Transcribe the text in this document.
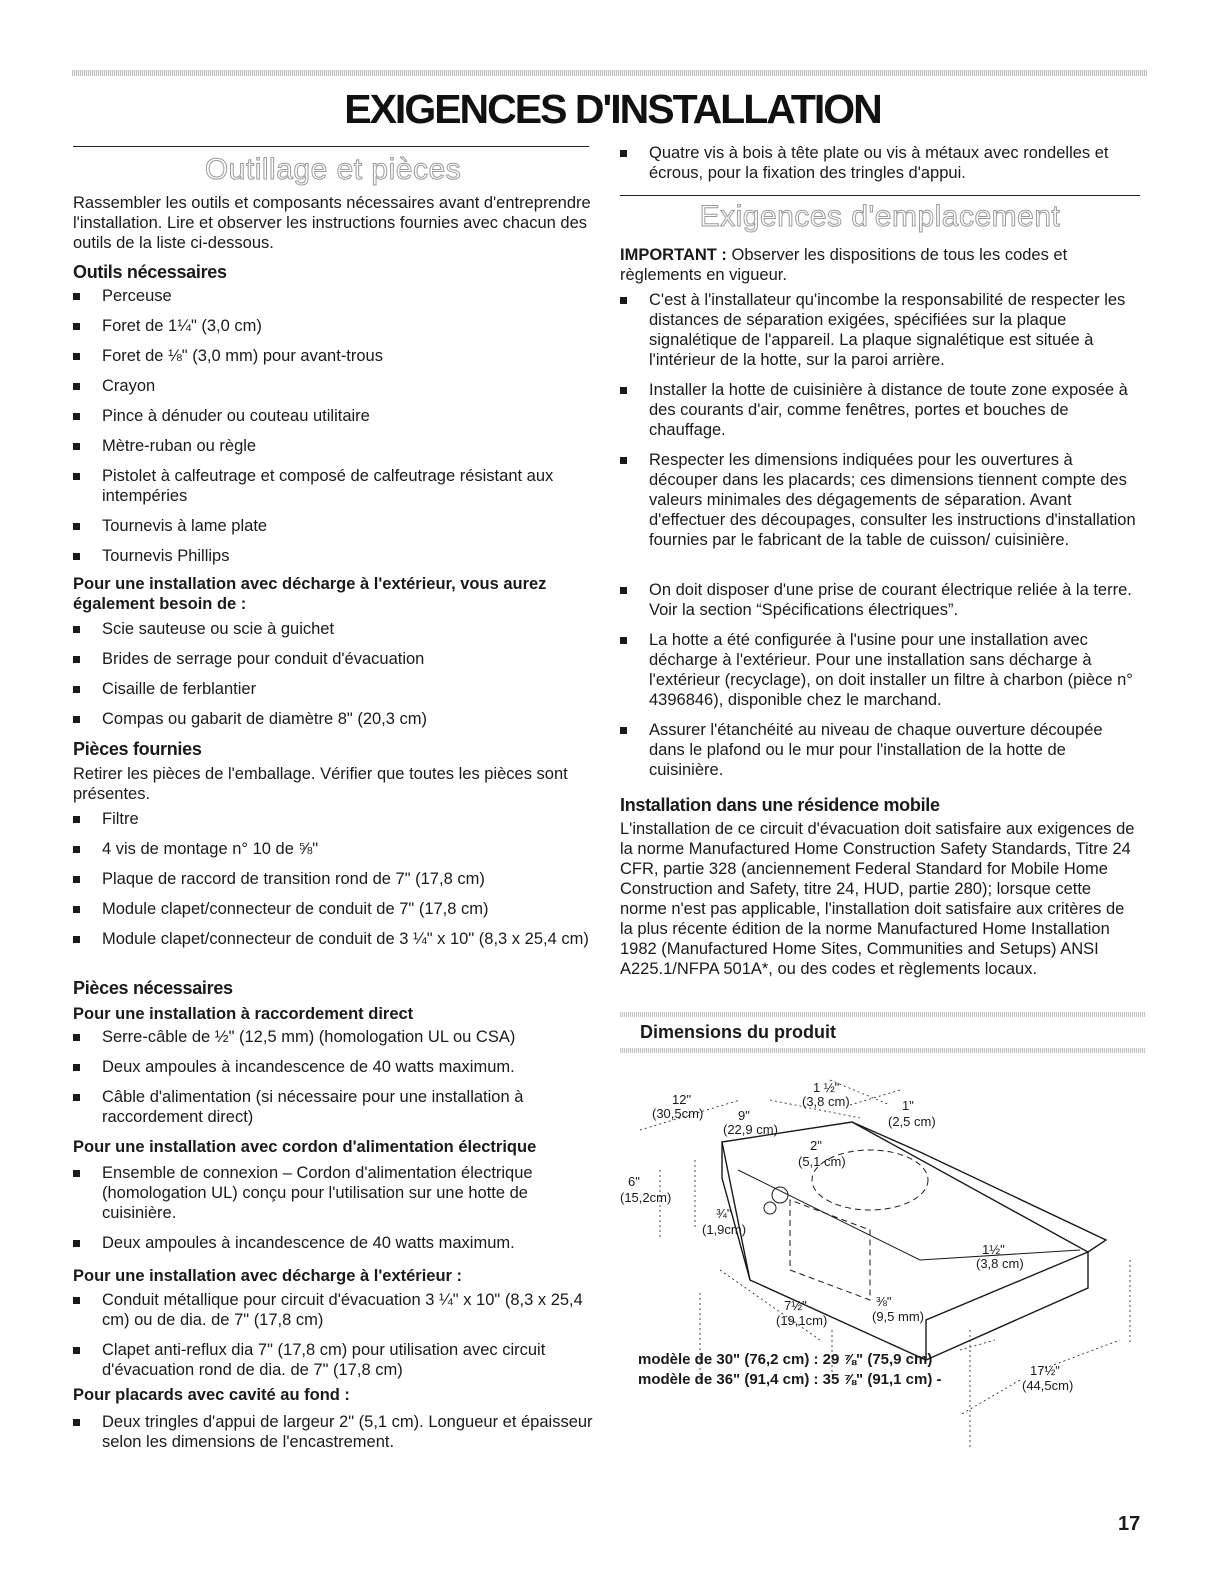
EXIGENCES D'INSTALLATION
Outillage et pièces
Rassembler les outils et composants nécessaires avant d'entreprendre l'installation. Lire et observer les instructions fournies avec chacun des outils de la liste ci-dessous.
Outils nécessaires
Perceuse
Foret de 1¼" (3,0 cm)
Foret de ⅛" (3,0 mm) pour avant-trous
Crayon
Pince à dénuder ou couteau utilitaire
Mètre-ruban ou règle
Pistolet à calfeutrage et composé de calfeutrage résistant aux intempéries
Tournevis à lame plate
Tournevis Phillips
Pour une installation avec décharge à l'extérieur, vous aurez également besoin de :
Scie sauteuse ou scie à guichet
Brides de serrage pour conduit d'évacuation
Cisaille de ferblantier
Compas ou gabarit de diamètre 8" (20,3 cm)
Pièces fournies
Retirer les pièces de l'emballage. Vérifier que toutes les pièces sont présentes.
Filtre
4 vis de montage n° 10 de ⅝"
Plaque de raccord de transition rond de 7" (17,8 cm)
Module clapet/connecteur de conduit de 7" (17,8 cm)
Module clapet/connecteur de conduit de 3 ¼" x 10" (8,3 x 25,4 cm)
Pièces nécessaires
Pour une installation à raccordement direct
Serre-câble de ½" (12,5 mm) (homologation UL ou CSA)
Deux ampoules à incandescence de 40 watts maximum.
Câble d'alimentation (si nécessaire pour une installation à raccordement direct)
Pour une installation avec cordon d'alimentation électrique
Ensemble de connexion – Cordon d'alimentation électrique (homologation UL) conçu pour l'utilisation sur une hotte de cuisinière.
Deux ampoules à incandescence de 40 watts maximum.
Pour une installation avec décharge à l'extérieur :
Conduit métallique pour circuit d'évacuation 3 ¼" x 10" (8,3 x 25,4 cm) ou de dia. de 7" (17,8 cm)
Clapet anti-reflux dia 7" (17,8 cm) pour utilisation avec circuit d'évacuation rond de dia. de 7" (17,8 cm)
Pour placards avec cavité au fond :
Deux tringles d'appui de largeur 2" (5,1 cm). Longueur et épaisseur selon les dimensions de l'encastrement.
Quatre vis à bois à tête plate ou vis à métaux avec rondelles et écrous, pour la fixation des tringles d'appui.
Exigences d'emplacement
IMPORTANT : Observer les dispositions de tous les codes et règlements en vigueur.
C'est à l'installateur qu'incombe la responsabilité de respecter les distances de séparation exigées, spécifiées sur la plaque signalétique de l'appareil. La plaque signalétique est située à l'intérieur de la hotte, sur la paroi arrière.
Installer la hotte de cuisinière à distance de toute zone exposée à des courants d'air, comme fenêtres, portes et bouches de chauffage.
Respecter les dimensions indiquées pour les ouvertures à découper dans les placards; ces dimensions tiennent compte des valeurs minimales des dégagements de séparation. Avant d'effectuer des découpages, consulter les instructions d'installation fournies par le fabricant de la table de cuisson/ cuisinière.
On doit disposer d'une prise de courant électrique reliée à la terre. Voir la section “Spécifications électriques”.
La hotte a été configurée à l'usine pour une installation avec décharge à l'extérieur. Pour une installation sans décharge à l'extérieur (recyclage), on doit installer un filtre à charbon (pièce n° 4396846), disponible chez le marchand.
Assurer l'étanchéité au niveau de chaque ouverture découpée dans le plafond ou le mur pour l'installation de la hotte de cuisinière.
Installation dans une résidence mobile
L'installation de ce circuit d'évacuation doit satisfaire aux exigences de la norme Manufactured Home Construction Safety Standards, Titre 24 CFR, partie 328 (anciennement Federal Standard for Mobile Home Construction and Safety, titre 24, HUD, partie 280); lorsque cette norme n'est pas applicable, l'installation doit satisfaire aux critères de la plus récente édition de la norme Manufactured Home Installation 1982 (Manufactured Home Sites, Communities and Setups) ANSI A225.1/NFPA 501A*, ou des codes et règlements locaux.
Dimensions du produit
1 ½"
(3,8 cm)
12"
(30,5cm)	9"
(22,9 cm)
1"
(2,5 cm)
2"
(5,1 cm)
6"
(15,2cm)
¾"
(1,9cm)
1½"
(3,8 cm)
7½"
(19,1cm)
⅜"
(9,5 mm)
17½"
(44,5cm)
modèle de 30" (76,2 cm) : 29 ⅞" (75,9 cm)
modèle de 36" (91,4 cm) : 35 ⅞" (91,1 cm) -
17
